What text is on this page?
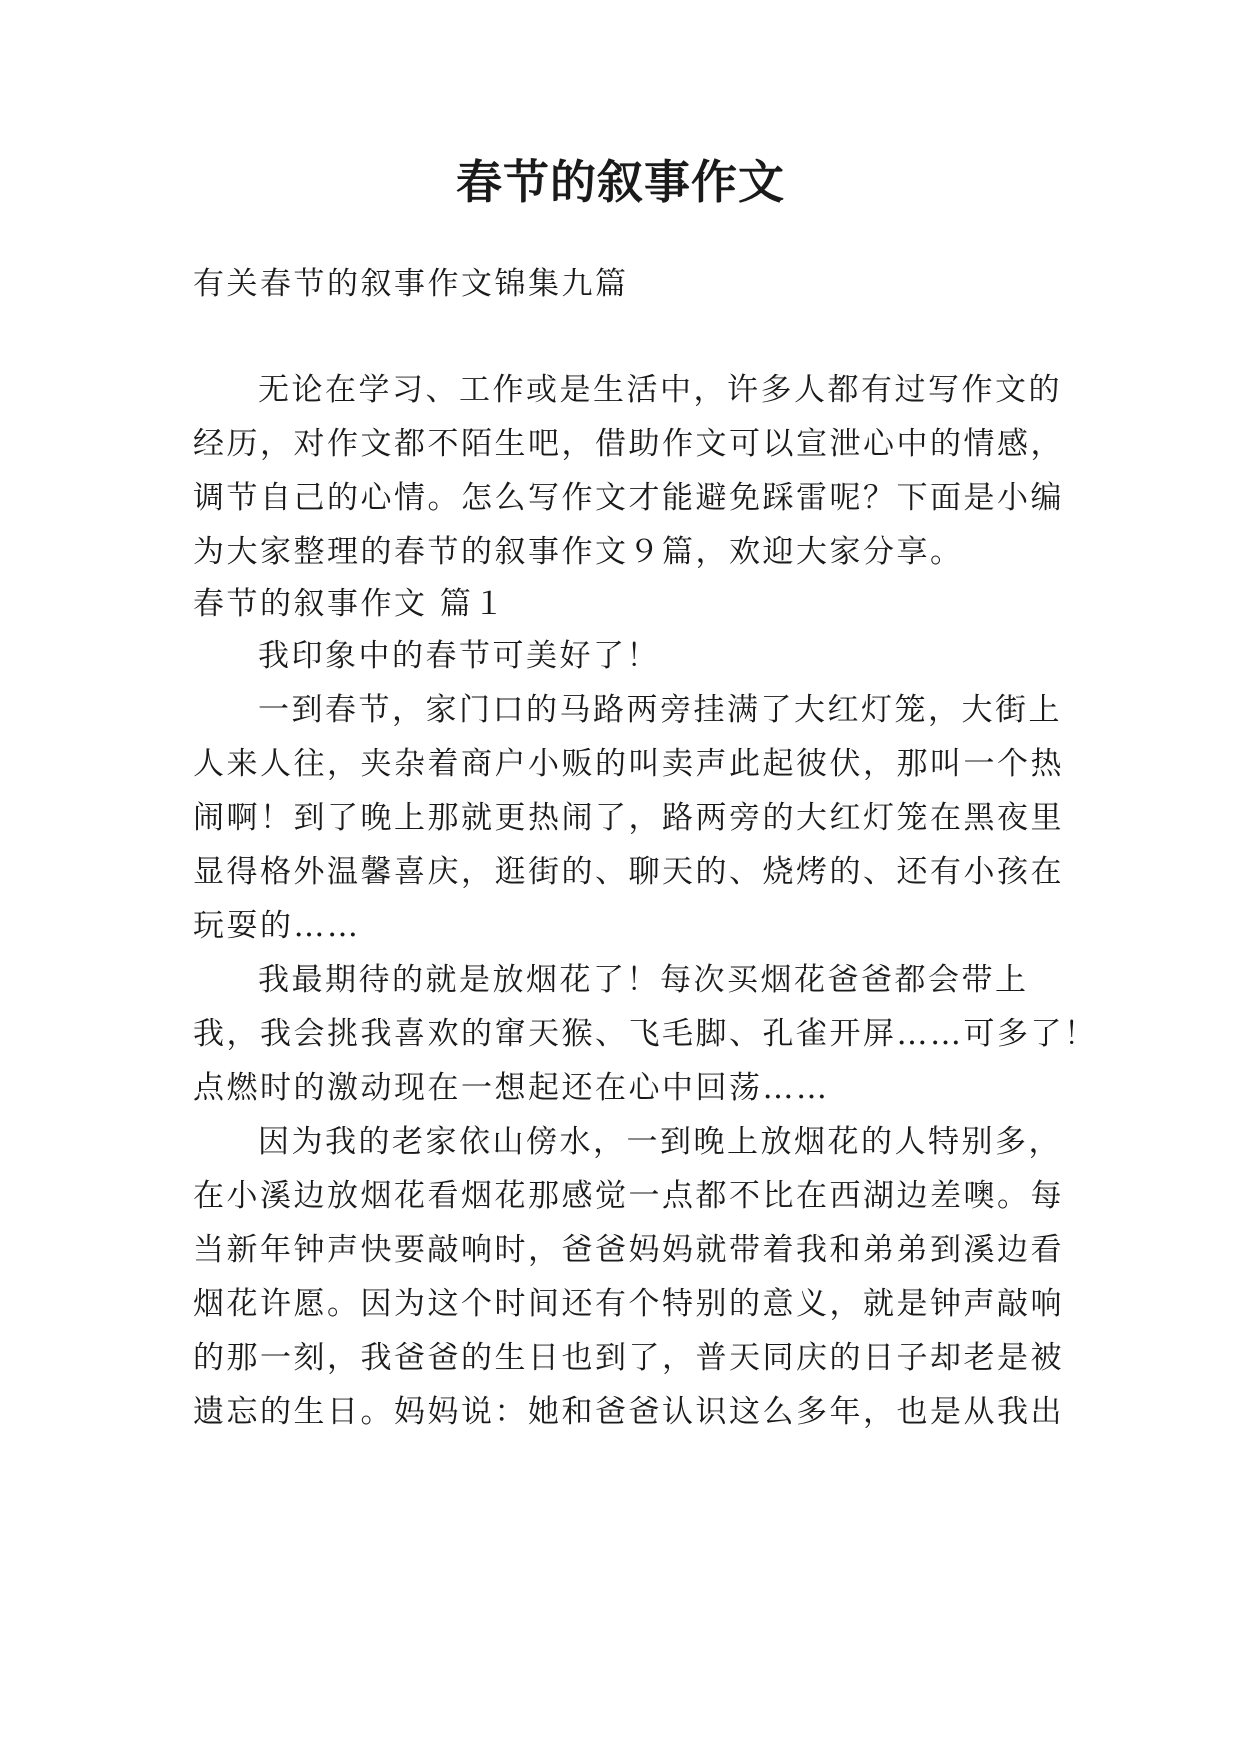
春节的叙事作文
有关春节的叙事作文锦集九篇
无论在学习、工作或是生活中，许多人都有过写作文的
经历，对作文都不陌生吧，借助作文可以宣泄心中的情感，
调节自己的心情。怎么写作文才能避免踩雷呢？下面是小编
为大家整理的春节的叙事作文９篇，欢迎大家分享。
春节的叙事作文 篇１
我印象中的春节可美好了！
一到春节，家门口的马路两旁挂满了大红灯笼，大街上
人来人往，夹杂着商户小贩的叫卖声此起彼伏，那叫一个热
闹啊！到了晚上那就更热闹了，路两旁的大红灯笼在黑夜里
显得格外温馨喜庆，逛街的、聊天的、烧烤的、还有小孩在
玩耍的……
我最期待的就是放烟花了！每次买烟花爸爸都会带上
我，我会挑我喜欢的窜天猴、飞毛脚、孔雀开屏……可多了！
点燃时的激动现在一想起还在心中回荡……
因为我的老家依山傍水，一到晚上放烟花的人特别多，
在小溪边放烟花看烟花那感觉一点都不比在西湖边差噢。每
当新年钟声快要敲响时，爸爸妈妈就带着我和弟弟到溪边看
烟花许愿。因为这个时间还有个特别的意义，就是钟声敲响
的那一刻，我爸爸的生日也到了，普天同庆的日子却老是被
遗忘的生日。妈妈说：她和爸爸认识这么多年，也是从我出
